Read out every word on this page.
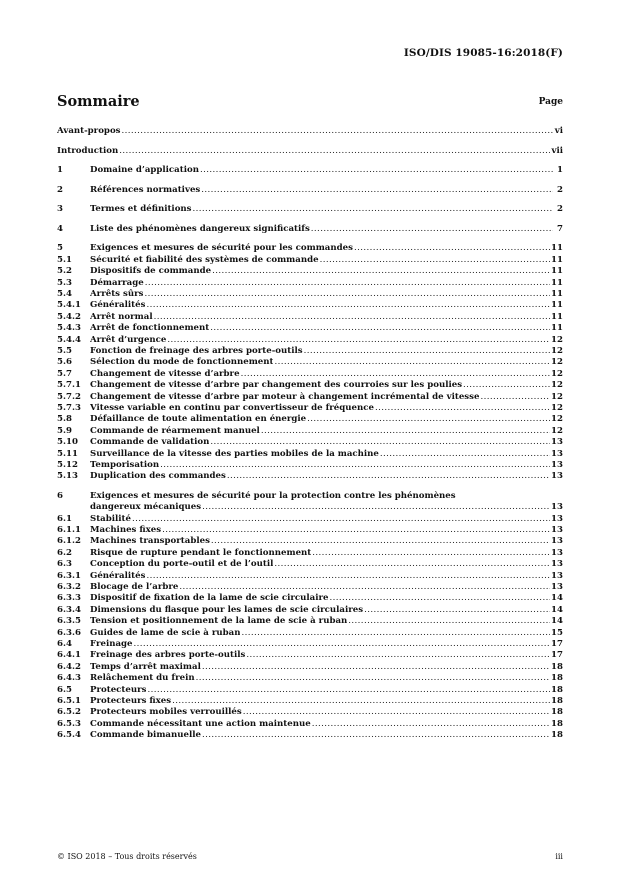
ISO/DIS 19085-16:2018(F)
Sommaire	Page
Avant-propos .....	vi
Introduction .....	vii
1	Domaine d’application .....	1
2	Références normatives .....	2
3	Termes et définitions .....	2
4	Liste des phénomènes dangereux significatifs .....	7
5	Exigences et mesures de sécurité pour les commandes .....	11
5.1	Sécurité et fiabilité des systèmes de commande .....	11
5.2	Dispositifs de commande .....	11
5.3	Démarrage .....	11
5.4	Arrêts sûrs .....	11
5.4.1	Généralités .....	11
5.4.2	Arrêt normal .....	11
5.4.3	Arrêt de fonctionnement .....	11
5.4.4	Arrêt d’urgence .....	12
5.5	Fonction de freinage des arbres porte-outils .....	12
5.6	Sélection du mode de fonctionnement .....	12
5.7	Changement de vitesse d’arbre .....	12
5.7.1	Changement de vitesse d’arbre par changement des courroies sur les poulies .....	12
5.7.2	Changement de vitesse d’arbre par moteur à changement incrémental de vitesse .....	12
5.7.3	Vitesse variable en continu par convertisseur de fréquence .....	12
5.8	Défaillance de toute alimentation en énergie .....	12
5.9	Commande de réarmement manuel .....	12
5.10	Commande de validation .....	13
5.11	Surveillance de la vitesse des parties mobiles de la machine .....	13
5.12	Temporisation .....	13
5.13	Duplication des commandes .....	13
6	Exigences et mesures de sécurité pour la protection contre les phénomènes
dangereux mécaniques .....	13
6.1	Stabilité .....	13
6.1.1	Machines fixes .....	13
6.1.2	Machines transportables .....	13
6.2	Risque de rupture pendant le fonctionnement .....	13
6.3	Conception du porte-outil et de l’outil .....	13
6.3.1	Généralités .....	13
6.3.2	Blocage de l’arbre .....	13
6.3.3	Dispositif de fixation de la lame de scie circulaire .....	14
6.3.4	Dimensions du flasque pour les lames de scie circulaires .....	14
6.3.5	Tension et positionnement de la lame de scie à ruban .....	14
6.3.6	Guides de lame de scie à ruban .....	15
6.4	Freinage .....	17
6.4.1	Freinage des arbres porte-outils .....	17
6.4.2	Temps d’arrêt maximal .....	18
6.4.3	Relâchement du frein .....	18
6.5	Protecteurs .....	18
6.5.1	Protecteurs fixes .....	18
6.5.2	Protecteurs mobiles verrouillés .....	18
6.5.3	Commande nécessitant une action maintenue .....	18
6.5.4	Commande bimanuelle .....	18
© ISO 2018 – Tous droits réservés	iii
